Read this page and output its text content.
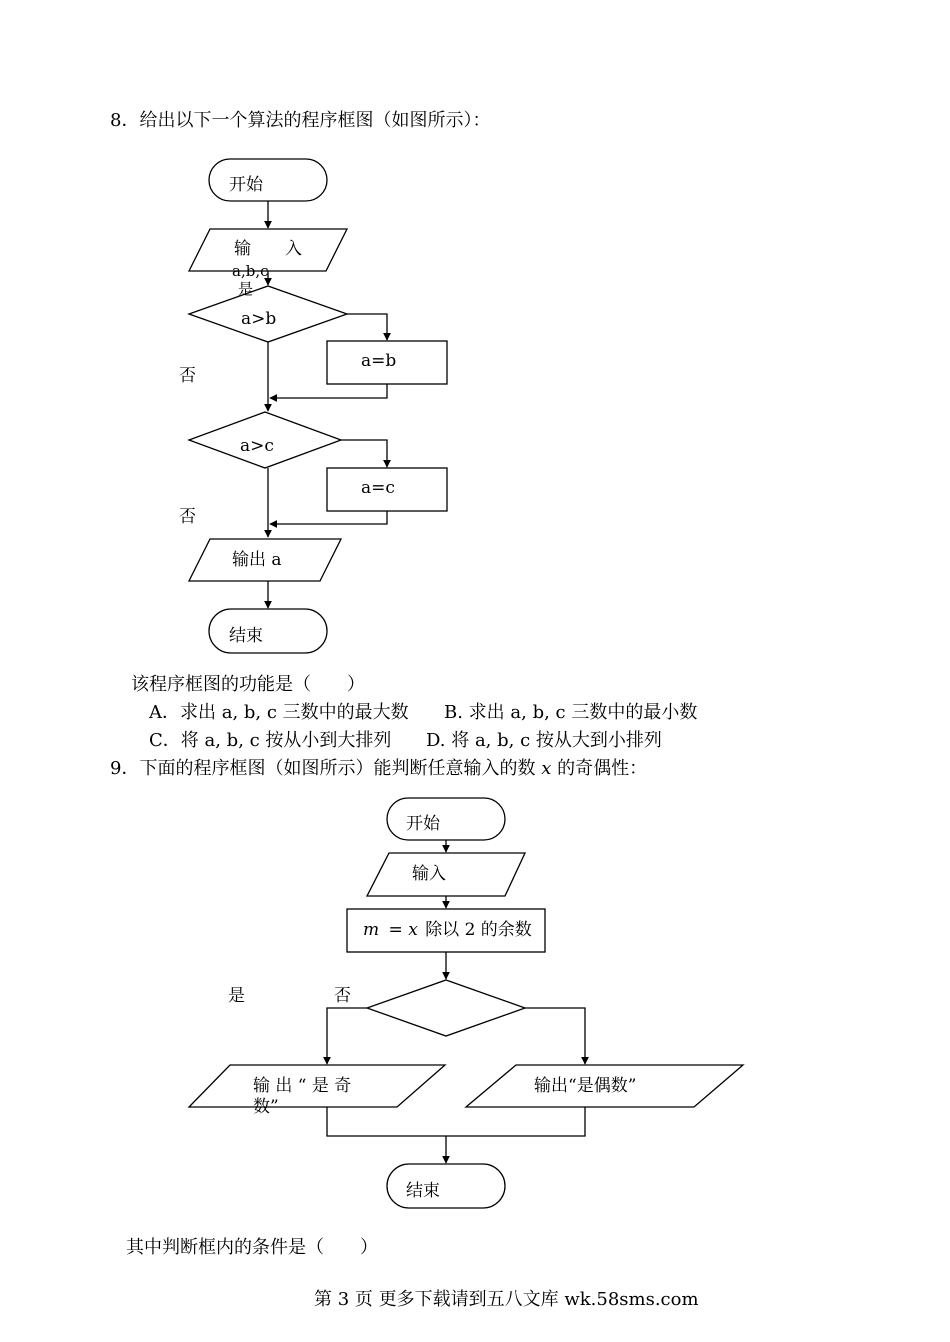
8．给出以下一个算法的程序框图（如图所示）：
开始
输　　入
a,b,c
是
a>b
a=b
否
a>c
a=c
否
输出 a
结束
该程序框图的功能是（　　）
A．求出 a, b, c 三数中的最大数 B. 求出 a, b, c 三数中的最小数
C．将 a, b, c 按从小到大排列 D. 将 a, b, c 按从大到小排列
9．下面的程序框图（如图所示）能判断任意输入的数 x 的奇偶性：
开始
输入
m = x 除以 2 的余数
是	否
输 出 “ 是 奇
数”
输出“是偶数”
结束
其中判断框内的条件是（　　）
第 3 页 更多下载请到五八文库 wk.58sms.com
